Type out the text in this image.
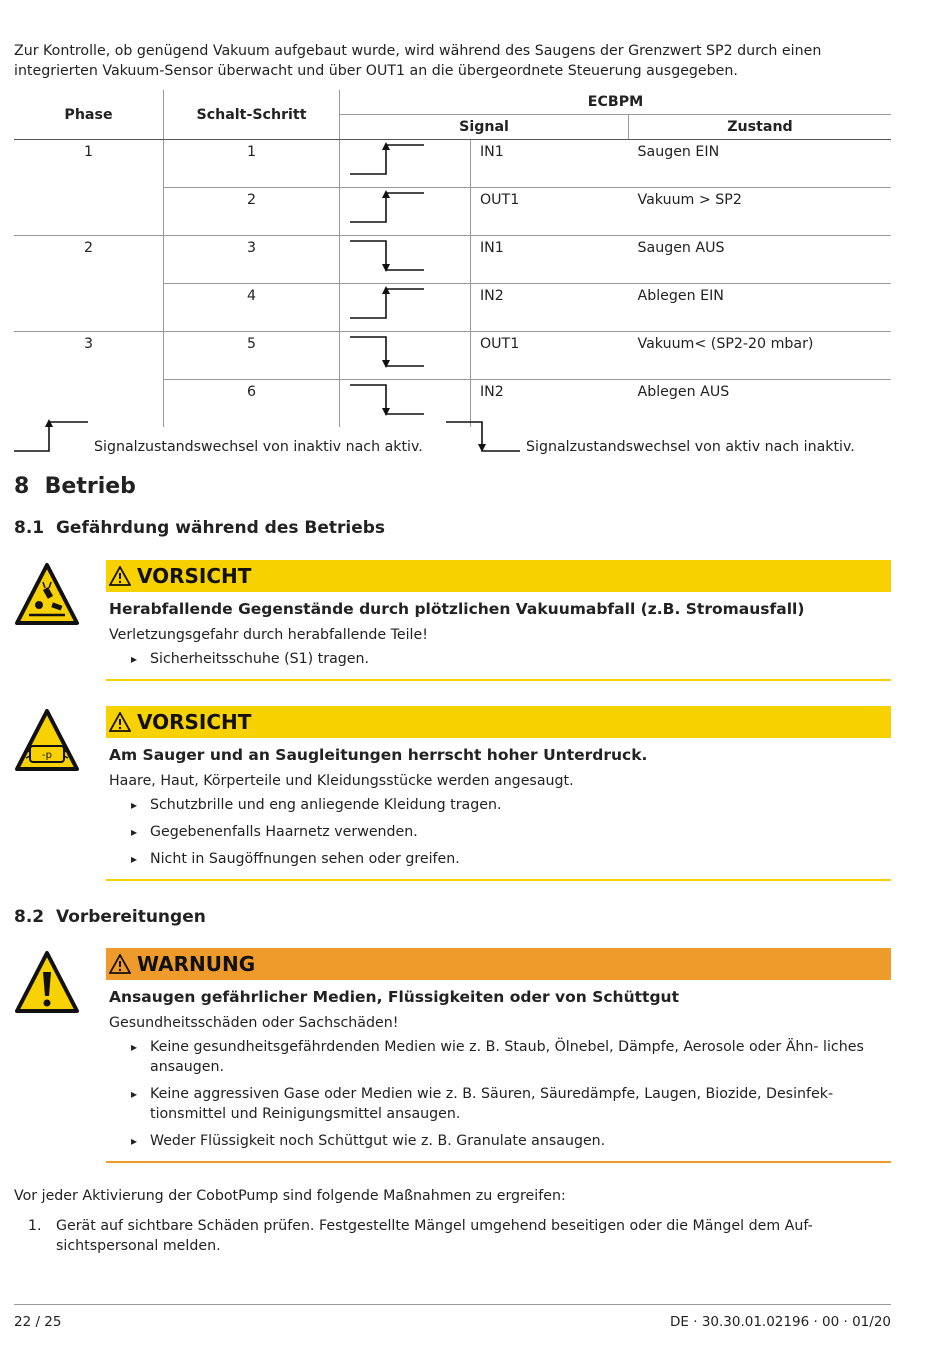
Zur Kontrolle, ob genügend Vakuum aufgebaut wurde, wird während des Saugens der Grenzwert SP2 durch einen integrierten Vakuum-Sensor überwacht und über OUT1 an die übergeordnete Steuerung ausgegeben.
Phase	Schalt-Schritt	ECBPM		
		Signal		Zustand
1	1		IN1	Saugen EIN
	2		OUT1	Vakuum > SP2
2	3		IN1	Saugen AUS
	4		IN2	Ablegen EIN
3	5		OUT1	Vakuum< (SP2-20 mbar)
	6		IN2	Ablegen AUS
Signalzustandswechsel von inaktiv nach aktiv.	Signalzustandswechsel von aktiv nach inaktiv.
8 Betrieb
8.1 Gefährdung während des Betriebs
VORSICHT
Herabfallende Gegenstände durch plötzlichen Vakuumabfall (z.B. Stromausfall)
Verletzungsgefahr durch herabfallende Teile!
▸ Sicherheitsschuhe (S1) tragen.
-p
VORSICHT
Am Sauger und an Saugleitungen herrscht hoher Unterdruck.
Haare, Haut, Körperteile und Kleidungsstücke werden angesaugt.
▸ Schutzbrille und eng anliegende Kleidung tragen.
▸ Gegebenenfalls Haarnetz verwenden.
▸ Nicht in Saugöffnungen sehen oder greifen.
8.2 Vorbereitungen
WARNUNG
Ansaugen gefährlicher Medien, Flüssigkeiten oder von Schüttgut
Gesundheitsschäden oder Sachschäden!
▸ Keine gesundheitsgefährdenden Medien wie z. B. Staub, Ölnebel, Dämpfe, Aerosole oder Ähn- liches ansaugen.
▸ Keine aggressiven Gase oder Medien wie z. B. Säuren, Säuredämpfe, Laugen, Biozide, Desinfek- tionsmittel und Reinigungsmittel ansaugen.
▸ Weder Flüssigkeit noch Schüttgut wie z. B. Granulate ansaugen.
Vor jeder Aktivierung der CobotPump sind folgende Maßnahmen zu ergreifen:
1. Gerät auf sichtbare Schäden prüfen. Festgestellte Mängel umgehend beseitigen oder die Mängel dem Auf- sichtspersonal melden.
22 / 25	DE · 30.30.01.02196 · 00 · 01/20
